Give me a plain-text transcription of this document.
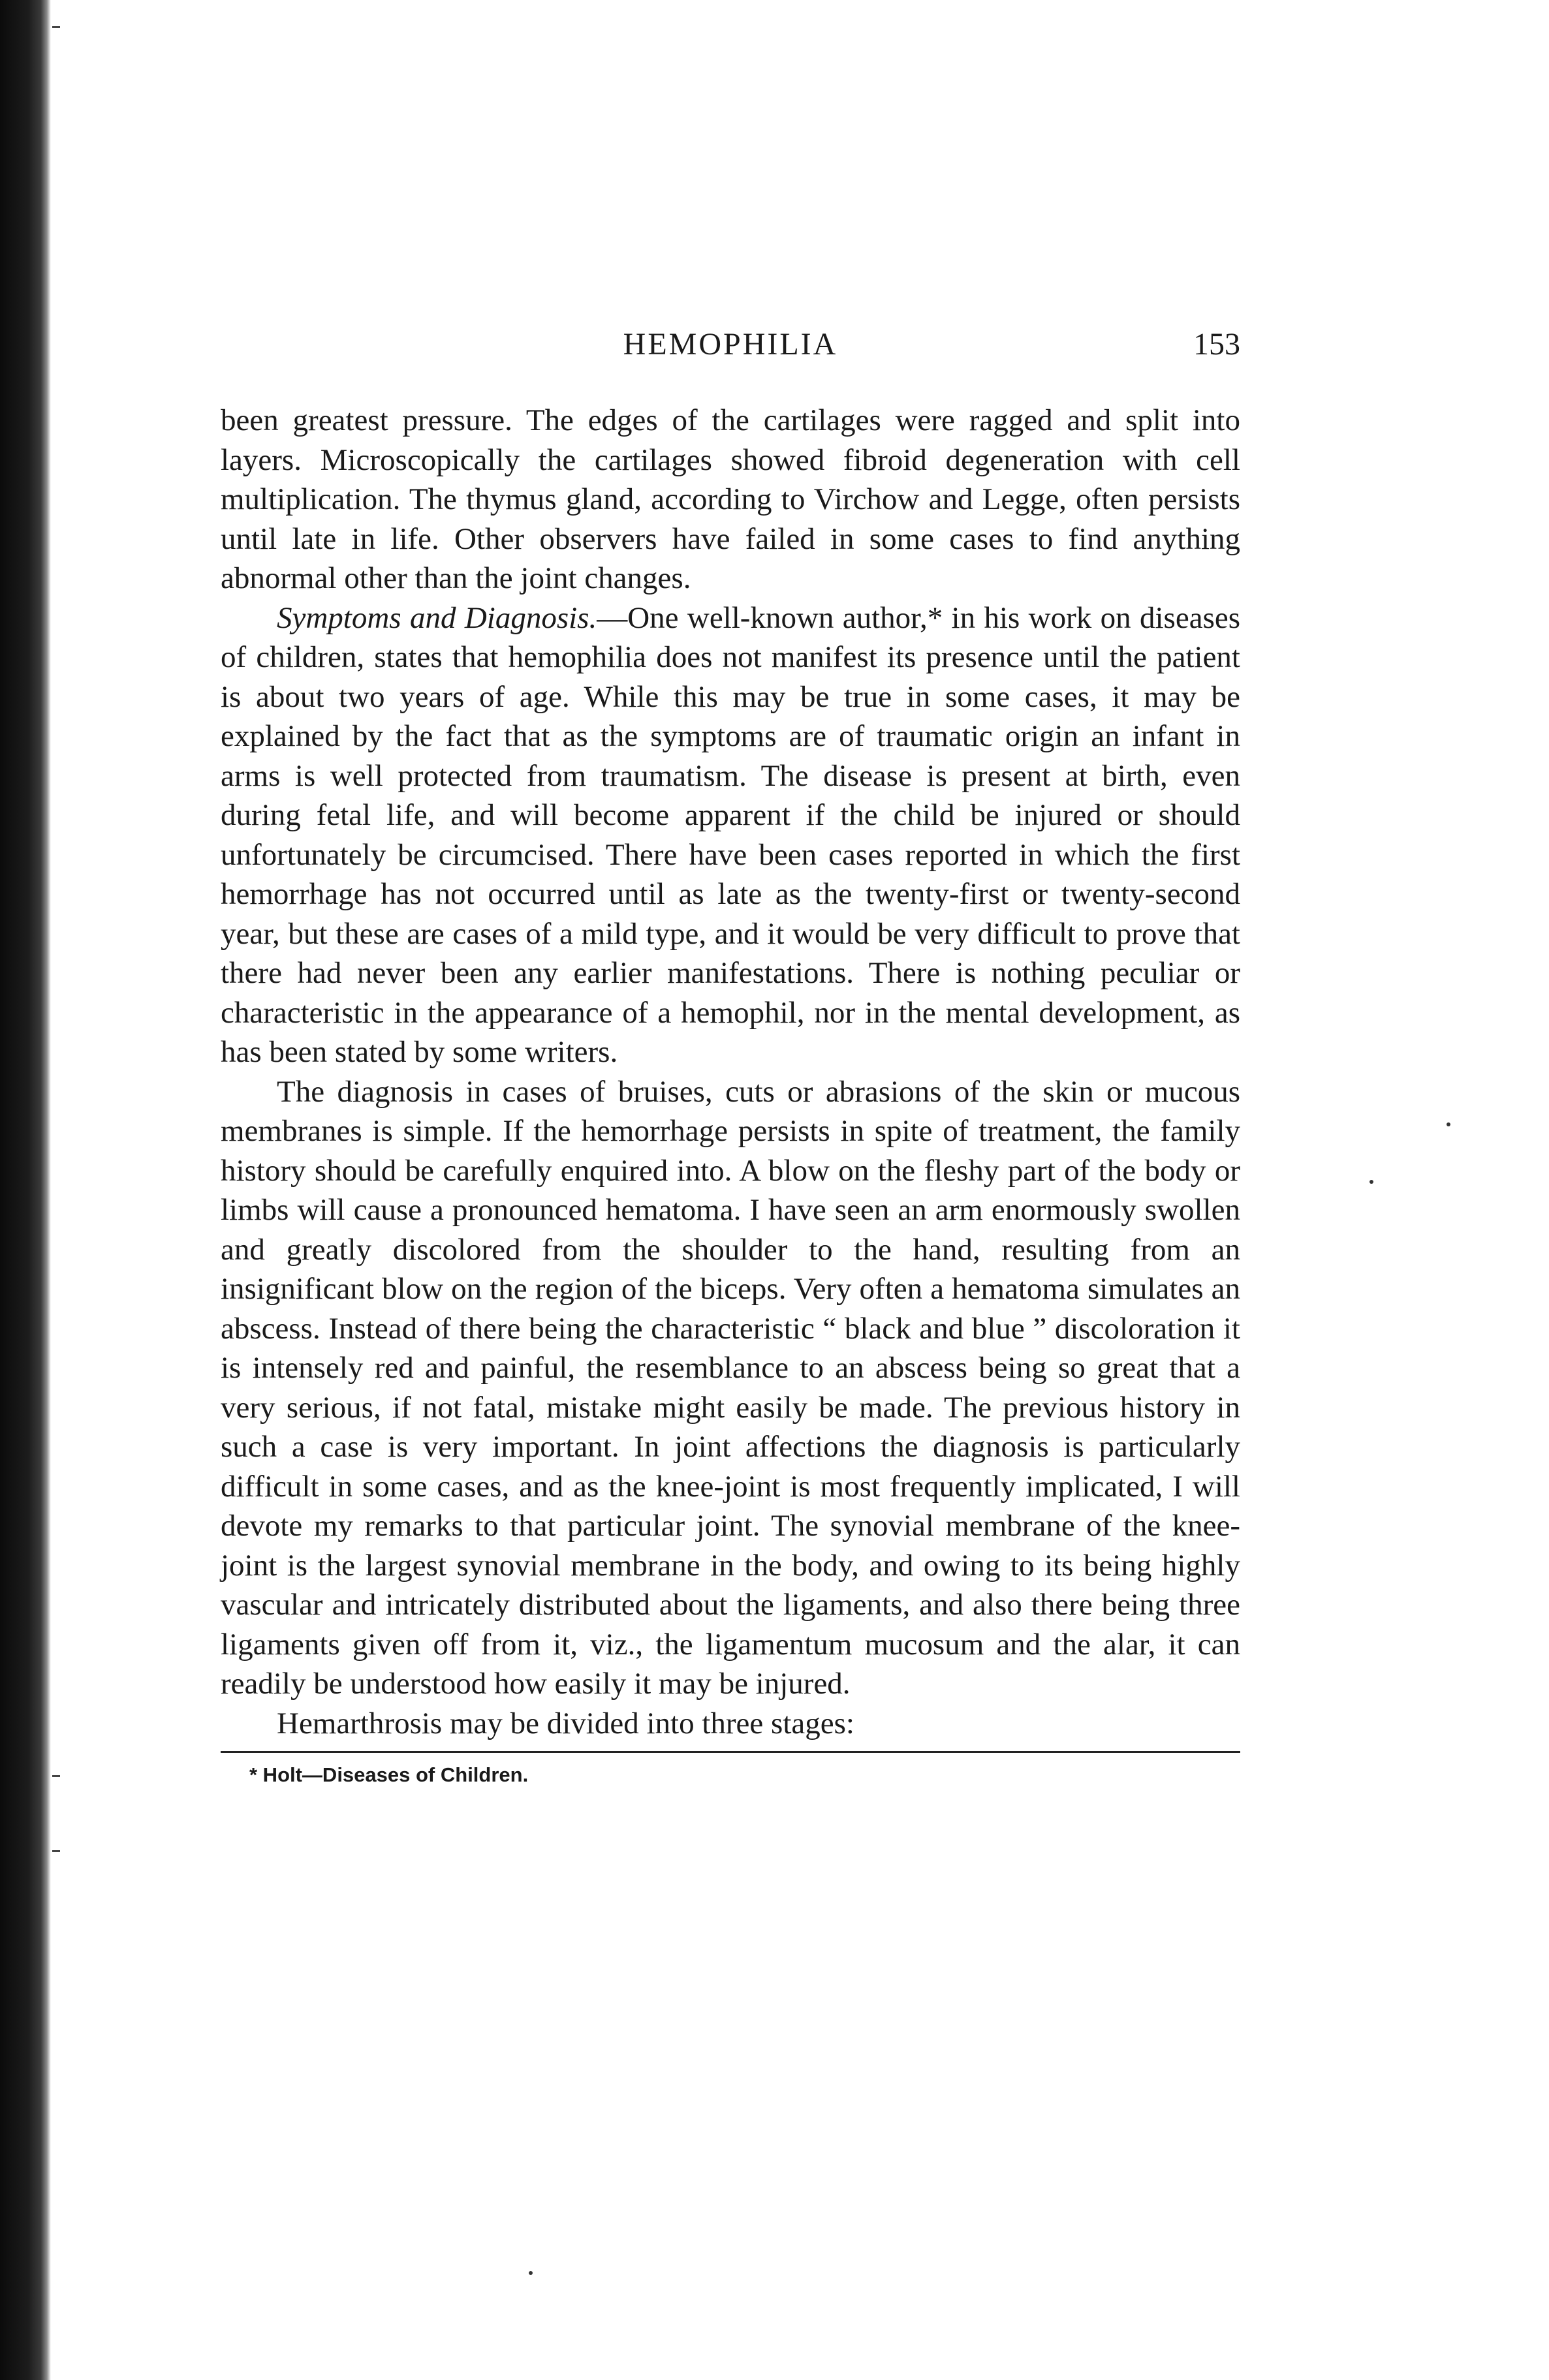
HEMOPHILIA	153

been greatest pressure. The edges of the cartilages were ragged and split into layers. Microscopically the cartilages showed fibroid degeneration with cell multiplication. The thymus gland, according to Virchow and Legge, often persists until late in life. Other observers have failed in some cases to find anything abnormal other than the joint changes.

Symptoms and Diagnosis.—One well-known author,* in his work on diseases of children, states that hemophilia does not manifest its presence until the patient is about two years of age. While this may be true in some cases, it may be explained by the fact that as the symptoms are of traumatic origin an infant in arms is well protected from traumatism. The disease is present at birth, even during fetal life, and will become apparent if the child be injured or should unfortunately be circumcised. There have been cases reported in which the first hemorrhage has not occurred until as late as the twenty-first or twenty-second year, but these are cases of a mild type, and it would be very difficult to prove that there had never been any earlier manifestations. There is nothing peculiar or characteristic in the appearance of a hemophil, nor in the mental development, as has been stated by some writers.

The diagnosis in cases of bruises, cuts or abrasions of the skin or mucous membranes is simple. If the hemorrhage persists in spite of treatment, the family history should be carefully enquired into. A blow on the fleshy part of the body or limbs will cause a pronounced hematoma. I have seen an arm enormously swollen and greatly discolored from the shoulder to the hand, resulting from an insignificant blow on the region of the biceps. Very often a hematoma simulates an abscess. Instead of there being the characteristic “ black and blue ” discoloration it is intensely red and painful, the resemblance to an abscess being so great that a very serious, if not fatal, mistake might easily be made. The previous history in such a case is very important. In joint affections the diagnosis is particularly difficult in some cases, and as the knee-joint is most frequently implicated, I will devote my remarks to that particular joint. The synovial membrane of the knee-joint is the largest synovial membrane in the body, and owing to its being highly vascular and intricately distributed about the ligaments, and also there being three ligaments given off from it, viz., the ligamentum mucosum and the alar, it can readily be understood how easily it may be injured.

Hemarthrosis may be divided into three stages:

* Holt—Diseases of Children.
